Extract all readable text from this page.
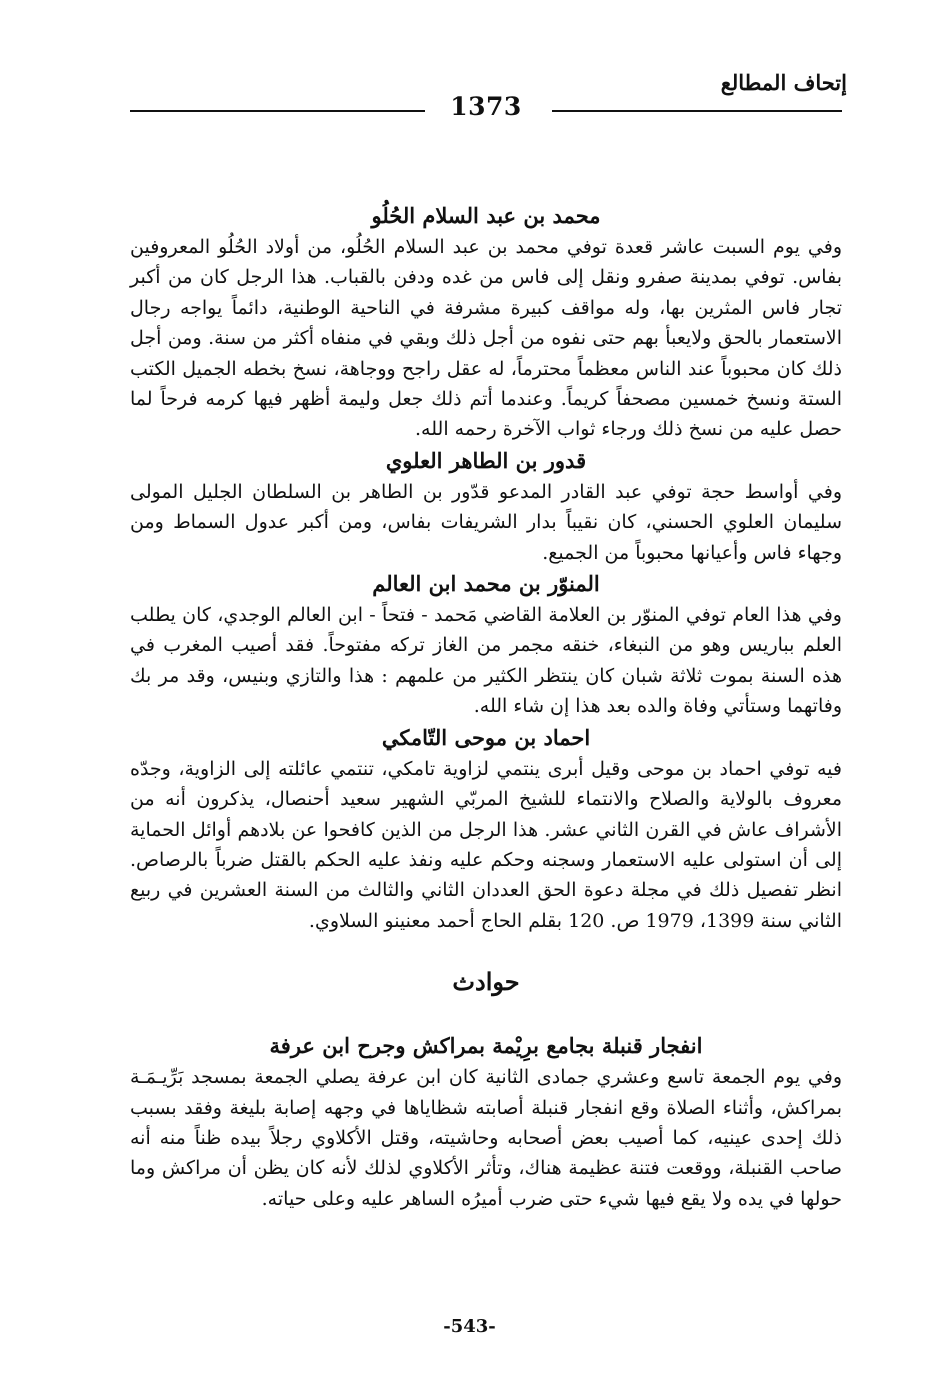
إتحاف المطالع
1373
محمد بن عبد السلام الحُلُو

وفي يوم السبت عاشر قعدة توفي محمد بن عبد السلام الحُلُو، من أولاد الحُلُو المعروفين بفاس. توفي بمدينة صفرو ونقل إلى فاس من غده ودفن بالقباب. هذا الرجل كان من أكبر تجار فاس المثرين بها، وله مواقف كبيرة مشرفة في الناحية الوطنية، دائماً يواجه رجال الاستعمار بالحق ولايعبأ بهم حتى نفوه من أجل ذلك وبقي في منفاه أكثر من سنة. ومن أجل ذلك كان محبوباً عند الناس معظماً محترماً، له عقل راجح ووجاهة، نسخ بخطه الجميل الكتب الستة ونسخ خمسين مصحفاً كريماً. وعندما أتم ذلك جعل وليمة أظهر فيها كرمه فرحاً لما حصل عليه من نسخ ذلك ورجاء ثواب الآخرة رحمه الله.

قدور بن الطاهر العلوي

وفي أواسط حجة توفي عبد القادر المدعو قدّور بن الطاهر بن السلطان الجليل المولى سليمان العلوي الحسني، كان نقيباً بدار الشريفات بفاس، ومن أكبر عدول السماط ومن وجهاء فاس وأعيانها محبوباً من الجميع.

المنوّر بن محمد ابن العالم

وفي هذا العام توفي المنوّر بن العلامة القاضي مَحمد - فتحاً - ابن العالم الوجدي، كان يطلب العلم بباريس وهو من النبغاء، خنقه مجمر من الغاز تركه مفتوحاً. فقد أصيب المغرب في هذه السنة بموت ثلاثة شبان كان ينتظر الكثير من علمهم : هذا والتازي وبنيس، وقد مر بك وفاتهما وستأتي وفاة والده بعد هذا إن شاء الله.

احماد بن موحى التّامكي

فيه توفي احماد بن موحى وقيل أبرى ينتمي لزاوية تامكي، تنتمي عائلته إلى الزاوية، وجدّه معروف بالولاية والصلاح والانتماء للشيخ المربّي الشهير سعيد أحنصال، يذكرون أنه من الأشراف عاش في القرن الثاني عشر. هذا الرجل من الذين كافحوا عن بلادهم أوائل الحماية إلى أن استولى عليه الاستعمار وسجنه وحكم عليه ونفذ عليه الحكم بالقتل ضرباً بالرصاص. انظر تفصيل ذلك في مجلة دعوة الحق العددان الثاني والثالث من السنة العشرين في ربيع الثاني سنة 1399، 1979 ص. 120 بقلم الحاج أحمد معنينو السلاوي.

حوادث
انفجار قنبلة بجامع برِيْمة بمراكش وجرح ابن عرفة

وفي يوم الجمعة تاسع وعشري جمادى الثانية كان ابن عرفة يصلي الجمعة بمسجد بَرِّيـمَـة بمراكش، وأثناء الصلاة وقع انفجار قنبلة أصابته شظاياها في وجهه إصابة بليغة وفقد بسبب ذلك إحدى عينيه، كما أصيب بعض أصحابه وحاشيته، وقتل الأكلاوي رجلاً بيده ظناً منه أنه صاحب القنبلة، ووقعت فتنة عظيمة هناك، وتأثر الأكلاوي لذلك لأنه كان يظن أن مراكش وما حولها في يده ولا يقع فيها شيء حتى ضرب أميرُه الساهر عليه وعلى حياته.

-543-
